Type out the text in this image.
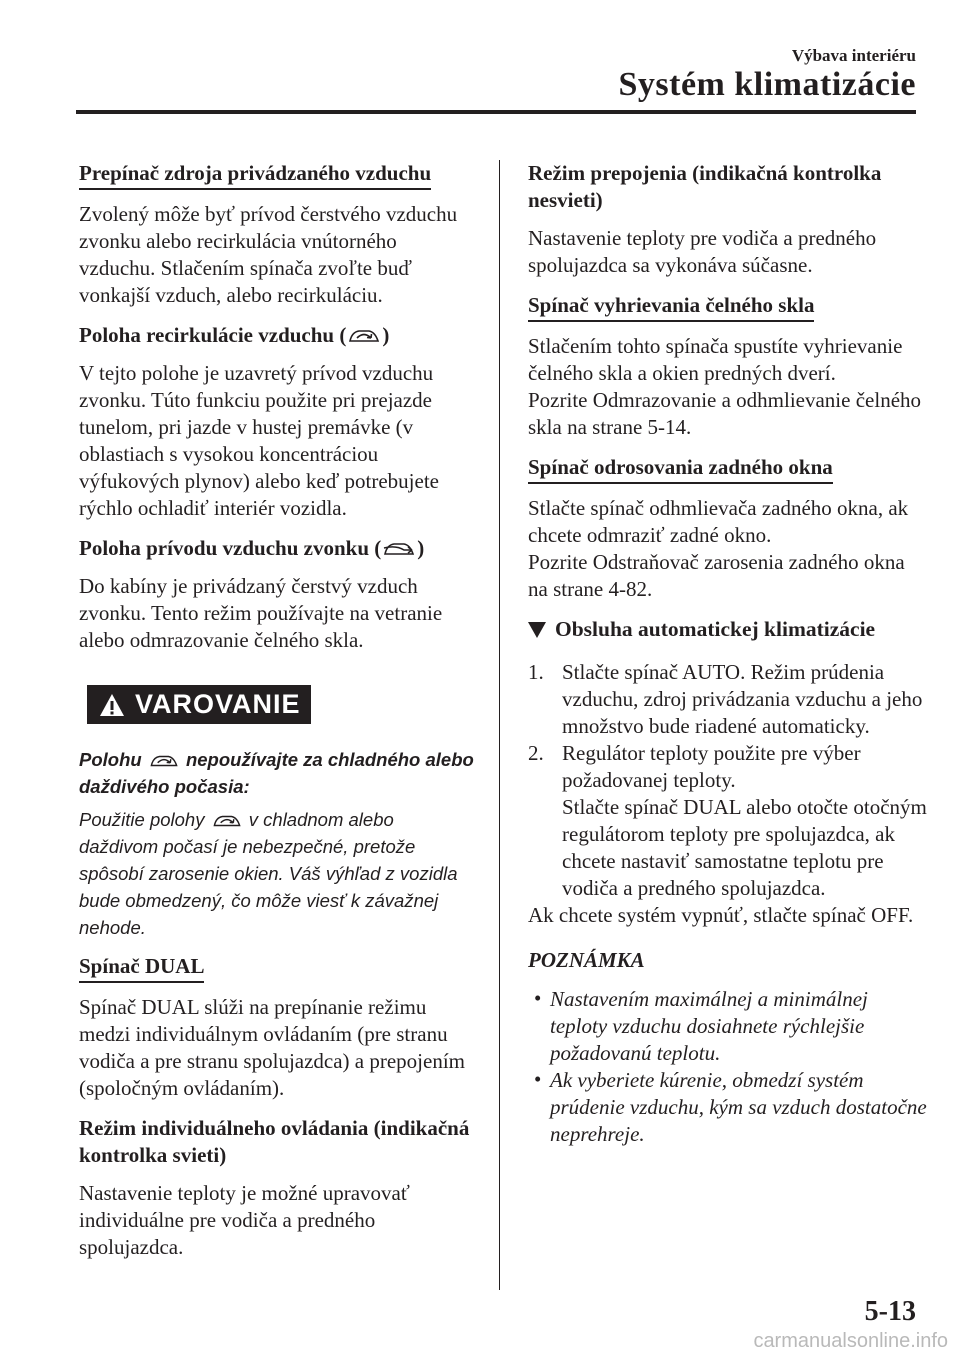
Výbava interiéru
Systém klimatizácie
Prepínač zdroja privádzaného vzduchu

Zvolený môže byť prívod čerstvého vzduchu zvonku alebo recirkulácia vnútorného vzduchu. Stlačením spínača zvoľte buď vonkajší vzduch, alebo recirkuláciu.

Poloha recirkulácie vzduchu ( )

V tejto polohe je uzavretý prívod vzduchu zvonku. Túto funkciu použite pri prejazde tunelom, pri jazde v hustej premávke (v oblastiach s vysokou koncentráciou výfukových plynov) alebo keď potrebujete rýchlo ochladiť interiér vozidla.

Poloha prívodu vzduchu zvonku ( )

Do kabíny je privádzaný čerstvý vzduch zvonku. Tento režim používajte na vetranie alebo odmrazovanie čelného skla.

VAROVANIE

Polohu nepoužívajte za chladného alebo daždivého počasia:

Použitie polohy v chladnom alebo daždivom počasí je nebezpečné, pretože spôsobí zarosenie okien. Váš výhľad z vozidla bude obmedzený, čo môže viesť k závažnej nehode.

Spínač DUAL

Spínač DUAL slúži na prepínanie režimu medzi individuálnym ovládaním (pre stranu vodiča a pre stranu spolujazdca) a prepojením (spoločným ovládaním).

Režim individuálneho ovládania (indikačná kontrolka svieti)

Nastavenie teploty je možné upravovať individuálne pre vodiča a predného spolujazdca.

Režim prepojenia (indikačná kontrolka nesvieti)

Nastavenie teploty pre vodiča a predného spolujazdca sa vykonáva súčasne.

Spínač vyhrievania čelného skla

Stlačením tohto spínača spustíte vyhrievanie čelného skla a okien predných dverí.

Pozrite Odmrazovanie a odhmlievanie čelného skla na strane 5-14.

Spínač odrosovania zadného okna

Stlačte spínač odhmlievača zadného okna, ak chcete odmraziť zadné okno.

Pozrite Odstraňovač zarosenia zadného okna na strane 4-82.

Obsluha automatickej klimatizácie
1. Stlačte spínač AUTO. Režim prúdenia vzduchu, zdroj privádzania vzduchu a jeho množstvo bude riadené automaticky.
2. Regulátor teploty použite pre výber požadovanej teploty.
Stlačte spínač DUAL alebo otočte otočným regulátorom teploty pre spolujazdca, ak chcete nastaviť samostatne teplotu pre vodiča a predného spolujazdca.

Ak chcete systém vypnúť, stlačte spínač OFF.

POZNÁMKA
• Nastavením maximálnej a minimálnej teploty vzduchu dosiahnete rýchlejšie požadovanú teplotu.
• Ak vyberiete kúrenie, obmedzí systém prúdenie vzduchu, kým sa vzduch dostatočne neprehreje.
5-13
carmanualsonline.info
